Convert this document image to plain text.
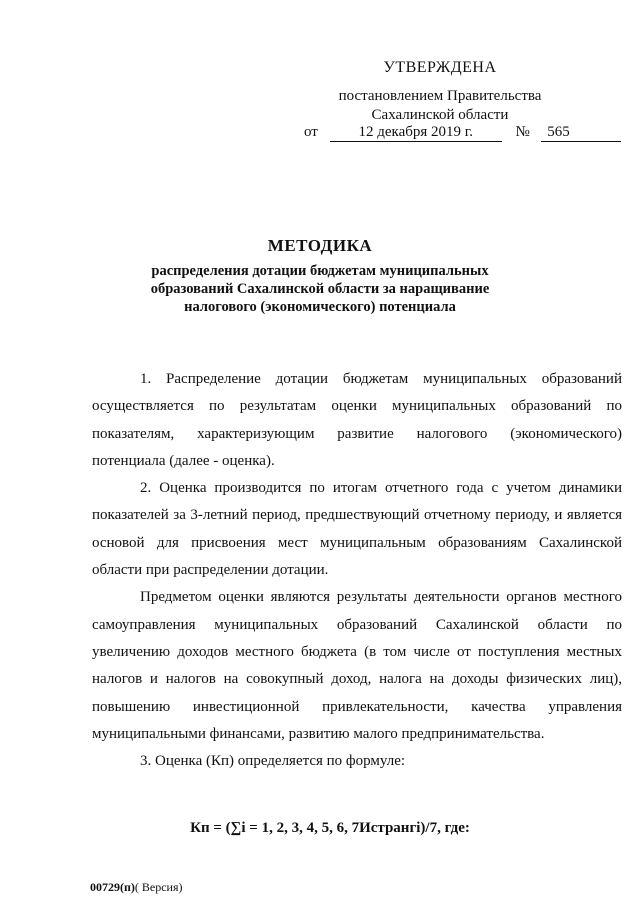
УТВЕРЖДЕНА
постановлением Правительства
Сахалинской области
от	12 декабря 2019 г.	№ 565
МЕТОДИКА
распределения дотации бюджетам муниципальных
образований Сахалинской области за наращивание
налогового (экономического) потенциала

1. Распределение дотации бюджетам муниципальных образований осуществляется по результатам оценки муниципальных образований по показателям, характеризующим развитие налогового (экономического) потенциала (далее - оценка).

2. Оценка производится по итогам отчетного года с учетом динамики показателей за 3-летний период, предшествующий отчетному периоду, и является основой для присвоения мест муниципальным образованиям Сахалинской области при распределении дотации.

Предметом оценки являются результаты деятельности органов местного самоуправления муниципальных образований Сахалинской области по увеличению доходов местного бюджета (в том числе от поступления местных налогов и налогов на совокупный доход, налога на доходы физических лиц), повышению инвестиционной привлекательности, качества управления муниципальными финансами, развитию малого предпринимательства.

3. Оценка (Кп) определяется по формуле:

Кп = (∑i = 1, 2, 3, 4, 5, 6, 7Истрангi)/7, где:
00729(п)( Версия)
